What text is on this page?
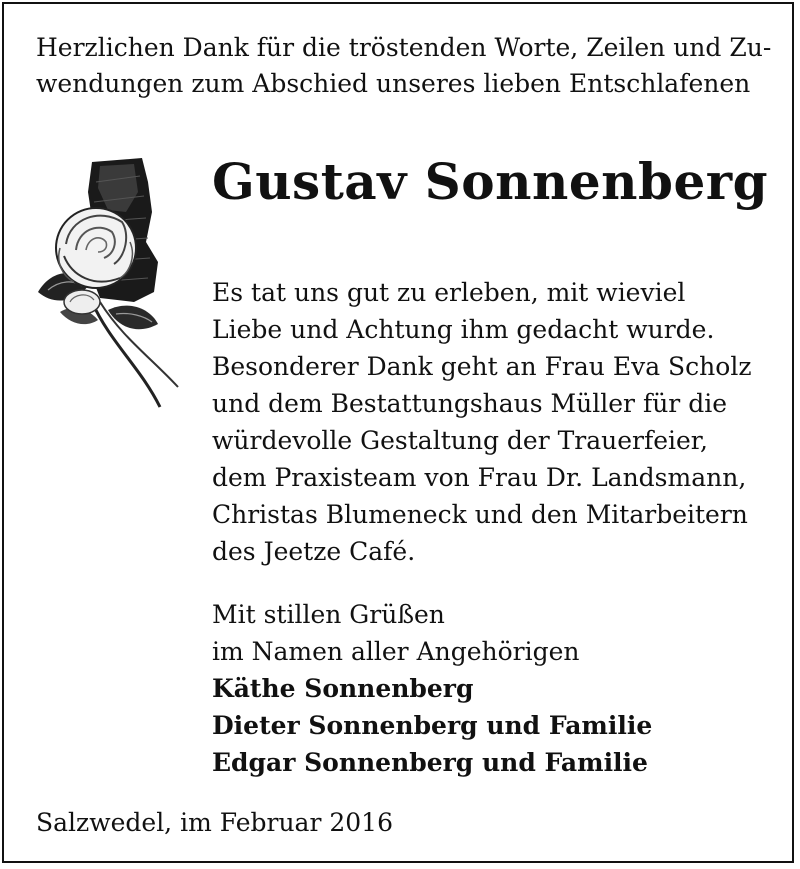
Herzlichen Dank für die tröstenden Worte, Zeilen und Zu-
wendungen zum Abschied unseres lieben Entschlafenen

Gustav Sonnenberg

Es tat uns gut zu erleben, mit wieviel
Liebe und Achtung ihm gedacht wurde.
Besonderer Dank geht an Frau Eva Scholz
und dem Bestattungshaus Müller für die
würdevolle Gestaltung der Trauerfeier,
dem Praxisteam von Frau Dr. Landsmann,
Christas Blumeneck und den Mitarbeitern
des Jeetze Café.

Mit stillen Grüßen
im Namen aller Angehörigen
Käthe Sonnenberg
Dieter Sonnenberg und Familie
Edgar Sonnenberg und Familie

Salzwedel, im Februar 2016
